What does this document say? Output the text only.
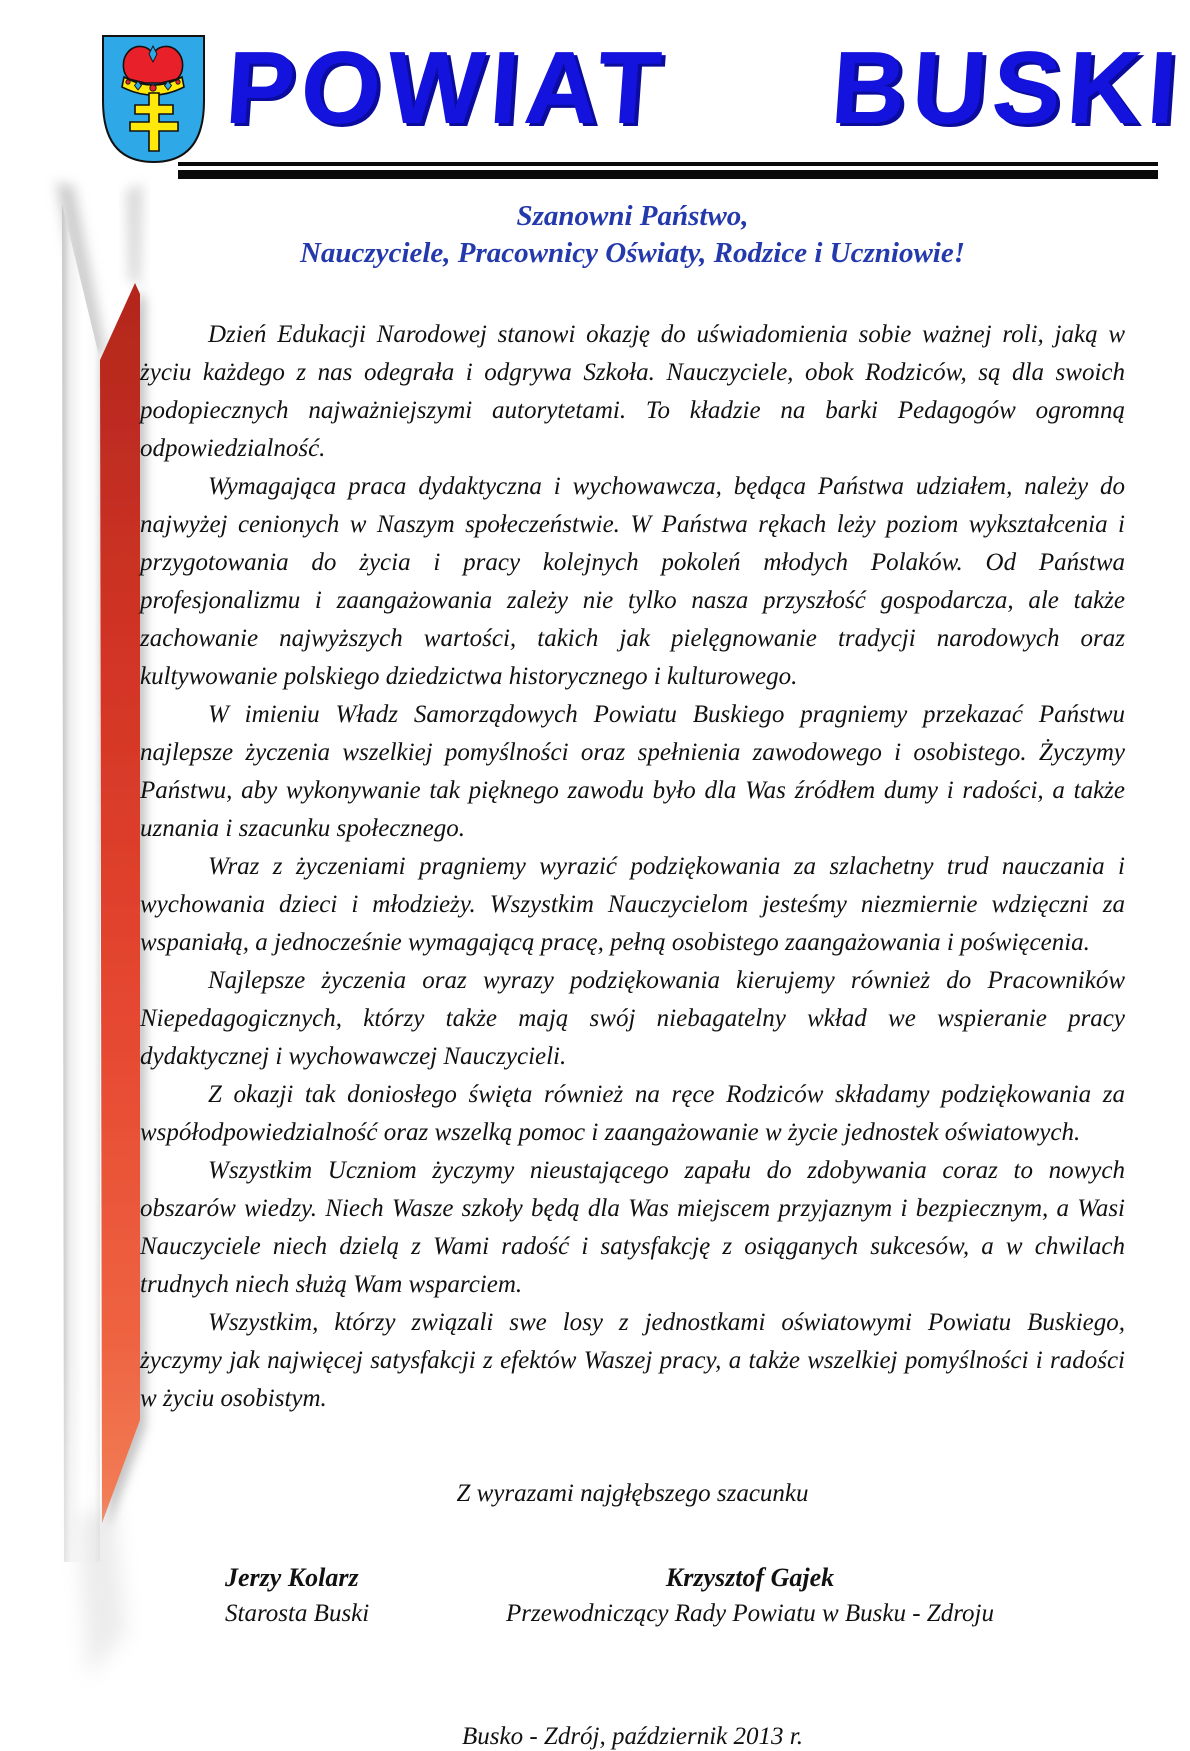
POWIAT BUSKI
Szanowni Państwo,
Nauczyciele, Pracownicy Oświaty, Rodzice i Uczniowie!

Dzień Edukacji Narodowej stanowi okazję do uświadomienia sobie ważnej roli, jaką w życiu każdego z nas odegrała i odgrywa Szkoła. Nauczyciele, obok Rodziców, są dla swoich podopiecznych najważniejszymi autorytetami. To kładzie na barki Pedagogów ogromną odpowiedzialność.

Wymagająca praca dydaktyczna i wychowawcza, będąca Państwa udziałem, należy do najwyżej cenionych w Naszym społeczeństwie. W Państwa rękach leży poziom wykształcenia i przygotowania do życia i pracy kolejnych pokoleń młodych Polaków. Od Państwa profesjonalizmu i zaangażowania zależy nie tylko nasza przyszłość gospodarcza, ale także zachowanie najwyższych wartości, takich jak pielęgnowanie tradycji narodowych oraz kultywowanie polskiego dziedzictwa historycznego i kulturowego.

W imieniu Władz Samorządowych Powiatu Buskiego pragniemy przekazać Państwu najlepsze życzenia wszelkiej pomyślności oraz spełnienia zawodowego i osobistego. Życzymy Państwu, aby wykonywanie tak pięknego zawodu było dla Was źródłem dumy i radości, a także uznania i szacunku społecznego.

Wraz z życzeniami pragniemy wyrazić podziękowania za szlachetny trud nauczania i wychowania dzieci i młodzieży. Wszystkim Nauczycielom jesteśmy niezmiernie wdzięczni za wspaniałą, a jednocześnie wymagającą pracę, pełną osobistego zaangażowania i poświęcenia.

Najlepsze życzenia oraz wyrazy podziękowania kierujemy również do Pracowników Niepedagogicznych, którzy także mają swój niebagatelny wkład we wspieranie pracy dydaktycznej i wychowawczej Nauczycieli.

Z okazji tak doniosłego święta również na ręce Rodziców składamy podziękowania za współodpowiedzialność oraz wszelką pomoc i zaangażowanie w życie jednostek oświatowych.

Wszystkim Uczniom życzymy nieustającego zapału do zdobywania coraz to nowych obszarów wiedzy. Niech Wasze szkoły będą dla Was miejscem przyjaznym i bezpiecznym, a Wasi Nauczyciele niech dzielą z Wami radość i satysfakcję z osiąganych sukcesów, a w chwilach trudnych niech służą Wam wsparciem.

Wszystkim, którzy związali swe losy z jednostkami oświatowymi Powiatu Buskiego, życzymy jak najwięcej satysfakcji z efektów Waszej pracy, a także wszelkiej pomyślności i radości w życiu osobistym.

Z wyrazami najgłębszego szacunku
Jerzy Kolarz
Starosta Buski
Krzysztof Gajek
Przewodniczący Rady Powiatu w Busku - Zdroju
Busko - Zdrój, październik 2013 r.
